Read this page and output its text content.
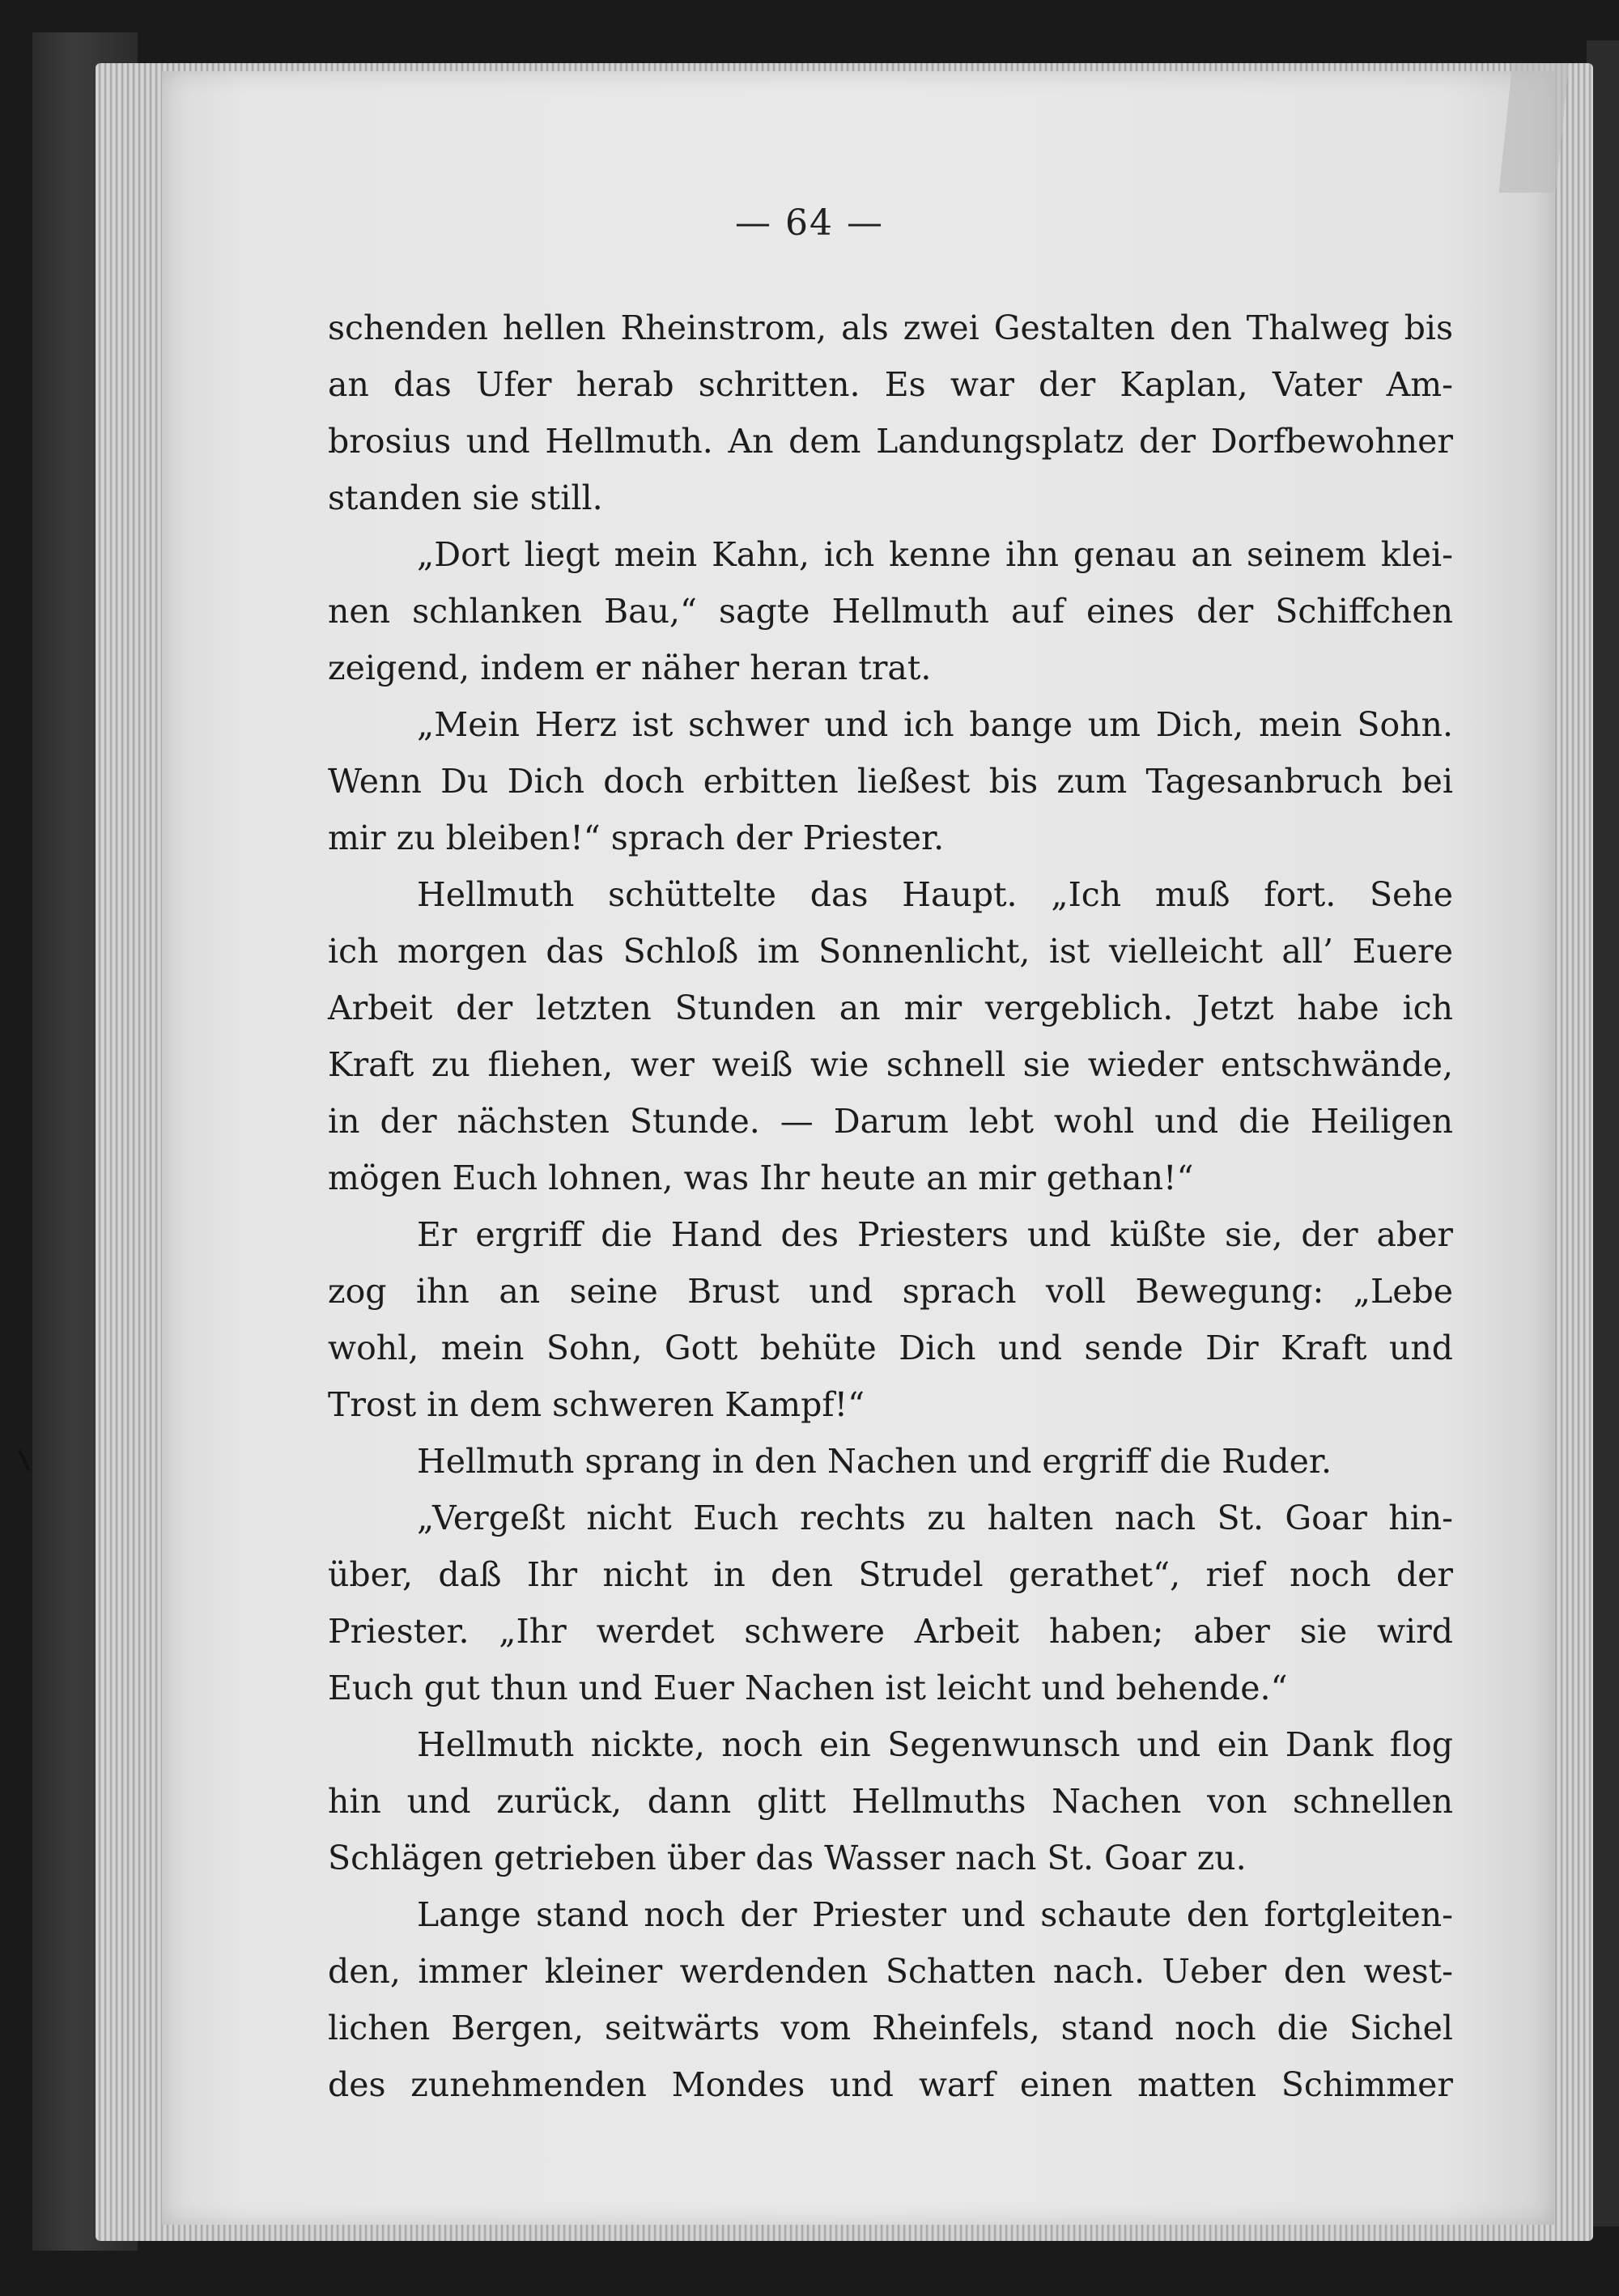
— 64 —
schenden hellen Rheinstrom, als zwei Gestalten den Thalweg bis
an das Ufer herab schritten. Es war der Kaplan, Vater Am-
brosius und Hellmuth. An dem Landungsplatz der Dorfbewohner
standen sie still.
„Dort liegt mein Kahn, ich kenne ihn genau an seinem klei-
nen schlanken Bau,“ sagte Hellmuth auf eines der Schiffchen
zeigend, indem er näher heran trat.
„Mein Herz ist schwer und ich bange um Dich, mein Sohn.
Wenn Du Dich doch erbitten ließest bis zum Tagesanbruch bei
mir zu bleiben!“ sprach der Priester.
Hellmuth schüttelte das Haupt. „Ich muß fort. Sehe
ich morgen das Schloß im Sonnenlicht, ist vielleicht all’ Euere
Arbeit der letzten Stunden an mir vergeblich. Jetzt habe ich
Kraft zu fliehen, wer weiß wie schnell sie wieder entschwände,
in der nächsten Stunde. — Darum lebt wohl und die Heiligen
mögen Euch lohnen, was Ihr heute an mir gethan!“
Er ergriff die Hand des Priesters und küßte sie, der aber
zog ihn an seine Brust und sprach voll Bewegung: „Lebe
wohl, mein Sohn, Gott behüte Dich und sende Dir Kraft und
Trost in dem schweren Kampf!“
Hellmuth sprang in den Nachen und ergriff die Ruder.
„Vergeßt nicht Euch rechts zu halten nach St. Goar hin-
über, daß Ihr nicht in den Strudel gerathet“, rief noch der
Priester. „Ihr werdet schwere Arbeit haben; aber sie wird
Euch gut thun und Euer Nachen ist leicht und behende.“
Hellmuth nickte, noch ein Segenwunsch und ein Dank flog
hin und zurück, dann glitt Hellmuths Nachen von schnellen
Schlägen getrieben über das Wasser nach St. Goar zu.
Lange stand noch der Priester und schaute den fortgleiten-
den, immer kleiner werdenden Schatten nach. Ueber den west-
lichen Bergen, seitwärts vom Rheinfels, stand noch die Sichel
des zunehmenden Mondes und warf einen matten Schimmer
